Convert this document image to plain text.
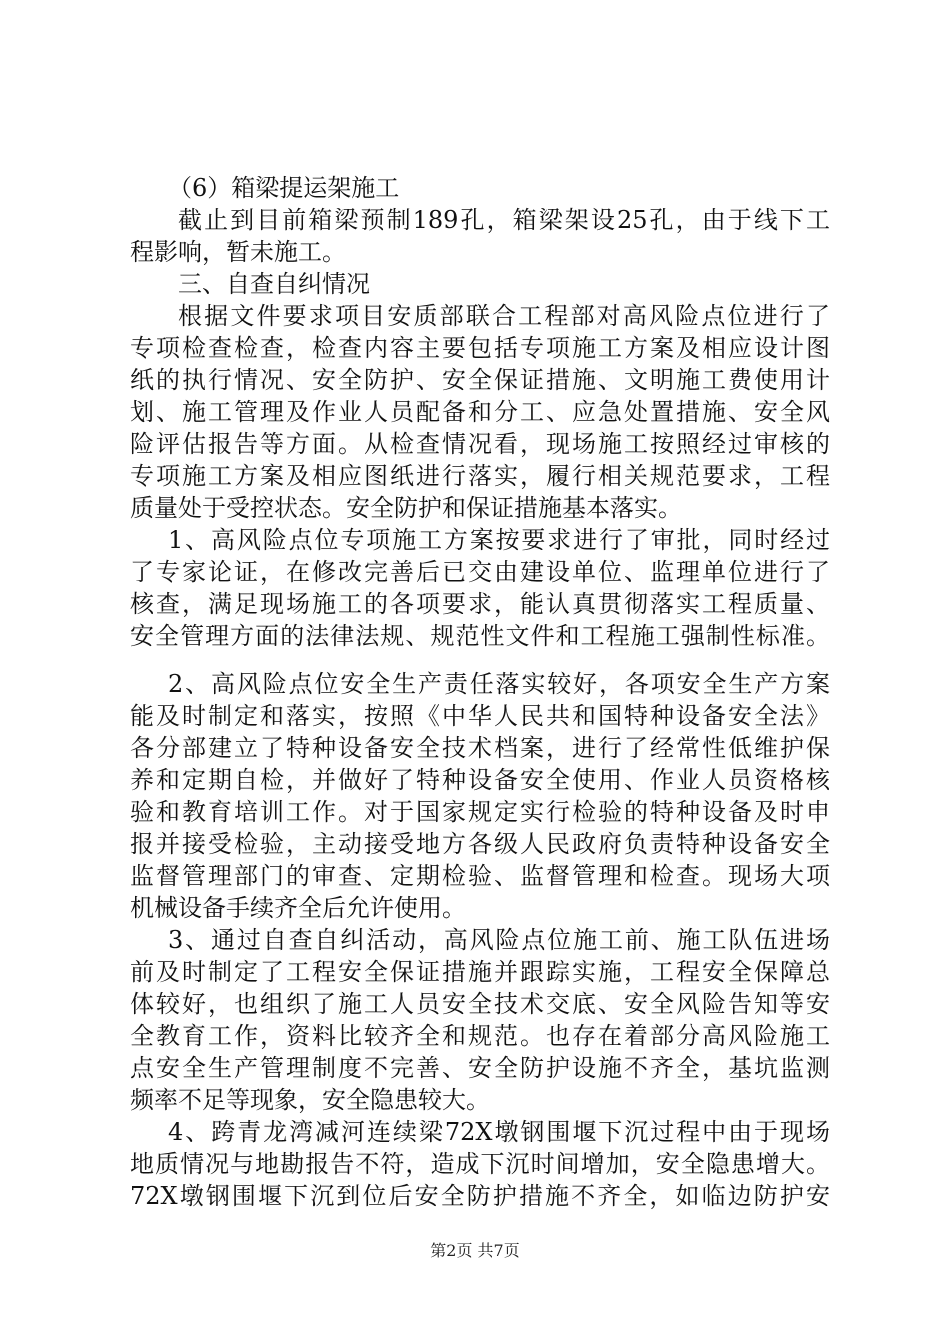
（6）箱梁提运架施工
截止到目前箱梁预制189孔，箱梁架设25孔，由于线下工
程影响，暂未施工。
三、自查自纠情况
根据文件要求项目安质部联合工程部对高风险点位进行了
专项检查检查，检查内容主要包括专项施工方案及相应设计图
纸的执行情况、安全防护、安全保证措施、文明施工费使用计
划、施工管理及作业人员配备和分工、应急处置措施、安全风
险评估报告等方面。从检查情况看，现场施工按照经过审核的
专项施工方案及相应图纸进行落实，履行相关规范要求，工程
质量处于受控状态。安全防护和保证措施基本落实。
1、高风险点位专项施工方案按要求进行了审批，同时经过
了专家论证，在修改完善后已交由建设单位、监理单位进行了
核查，满足现场施工的各项要求，能认真贯彻落实工程质量、
安全管理方面的法律法规、规范性文件和工程施工强制性标准。
2、高风险点位安全生产责任落实较好，各项安全生产方案
能及时制定和落实，按照《中华人民共和国特种设备安全法》
各分部建立了特种设备安全技术档案，进行了经常性低维护保
养和定期自检，并做好了特种设备安全使用、作业人员资格核
验和教育培训工作。对于国家规定实行检验的特种设备及时申
报并接受检验，主动接受地方各级人民政府负责特种设备安全
监督管理部门的审查、定期检验、监督管理和检查。现场大项
机械设备手续齐全后允许使用。
3、通过自查自纠活动，高风险点位施工前、施工队伍进场
前及时制定了工程安全保证措施并跟踪实施，工程安全保障总
体较好，也组织了施工人员安全技术交底、安全风险告知等安
全教育工作，资料比较齐全和规范。也存在着部分高风险施工
点安全生产管理制度不完善、安全防护设施不齐全，基坑监测
频率不足等现象，安全隐患较大。
4、跨青龙湾减河连续梁72X墩钢围堰下沉过程中由于现场
地质情况与地勘报告不符，造成下沉时间增加，安全隐患增大。
72X墩钢围堰下沉到位后安全防护措施不齐全，如临边防护安
第2页 共7页
